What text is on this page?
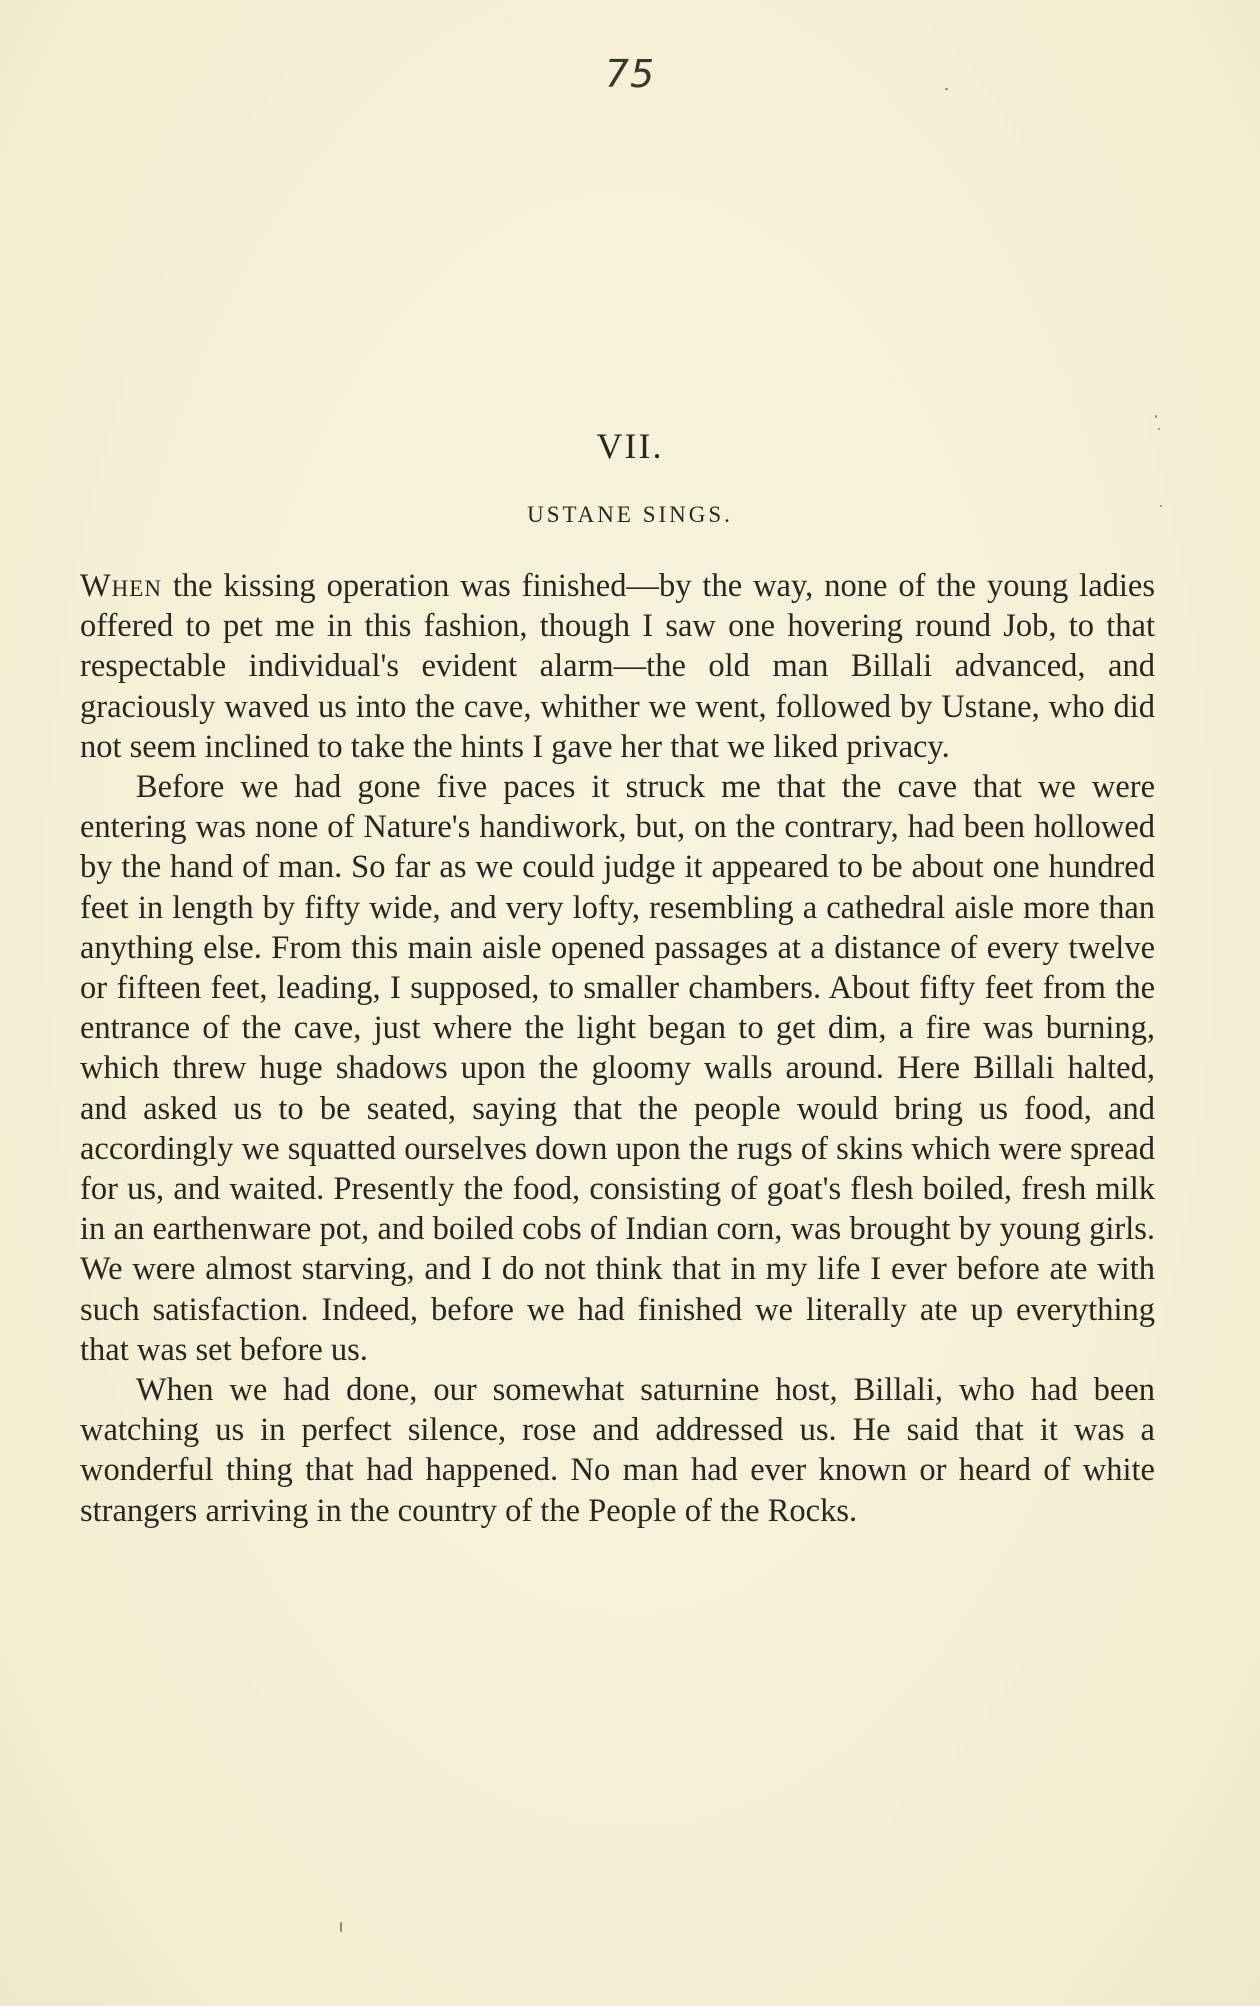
75
VII.
USTANE SINGS.

When the kissing operation was finished—by the way, none of the young ladies offered to pet me in this fashion, though I saw one hovering round Job, to that respectable individual's evident alarm—the old man Billali advanced, and graciously waved us into the cave, whither we went, followed by Ustane, who did not seem inclined to take the hints I gave her that we liked privacy.

Before we had gone five paces it struck me that the cave that we were entering was none of Nature's handiwork, but, on the contrary, had been hollowed by the hand of man. So far as we could judge it appeared to be about one hundred feet in length by fifty wide, and very lofty, resembling a cathedral aisle more than anything else. From this main aisle opened passages at a distance of every twelve or fifteen feet, leading, I supposed, to smaller chambers. About fifty feet from the entrance of the cave, just where the light began to get dim, a fire was burning, which threw huge shadows upon the gloomy walls around. Here Billali halted, and asked us to be seated, saying that the people would bring us food, and accordingly we squatted ourselves down upon the rugs of skins which were spread for us, and waited. Presently the food, consisting of goat's flesh boiled, fresh milk in an earthenware pot, and boiled cobs of Indian corn, was brought by young girls. We were almost starving, and I do not think that in my life I ever before ate with such satisfaction. Indeed, before we had finished we literally ate up everything that was set before us.

When we had done, our somewhat saturnine host, Billali, who had been watching us in perfect silence, rose and addressed us. He said that it was a wonderful thing that had happened. No man had ever known or heard of white strangers arriving in the country of the People of the Rocks.
